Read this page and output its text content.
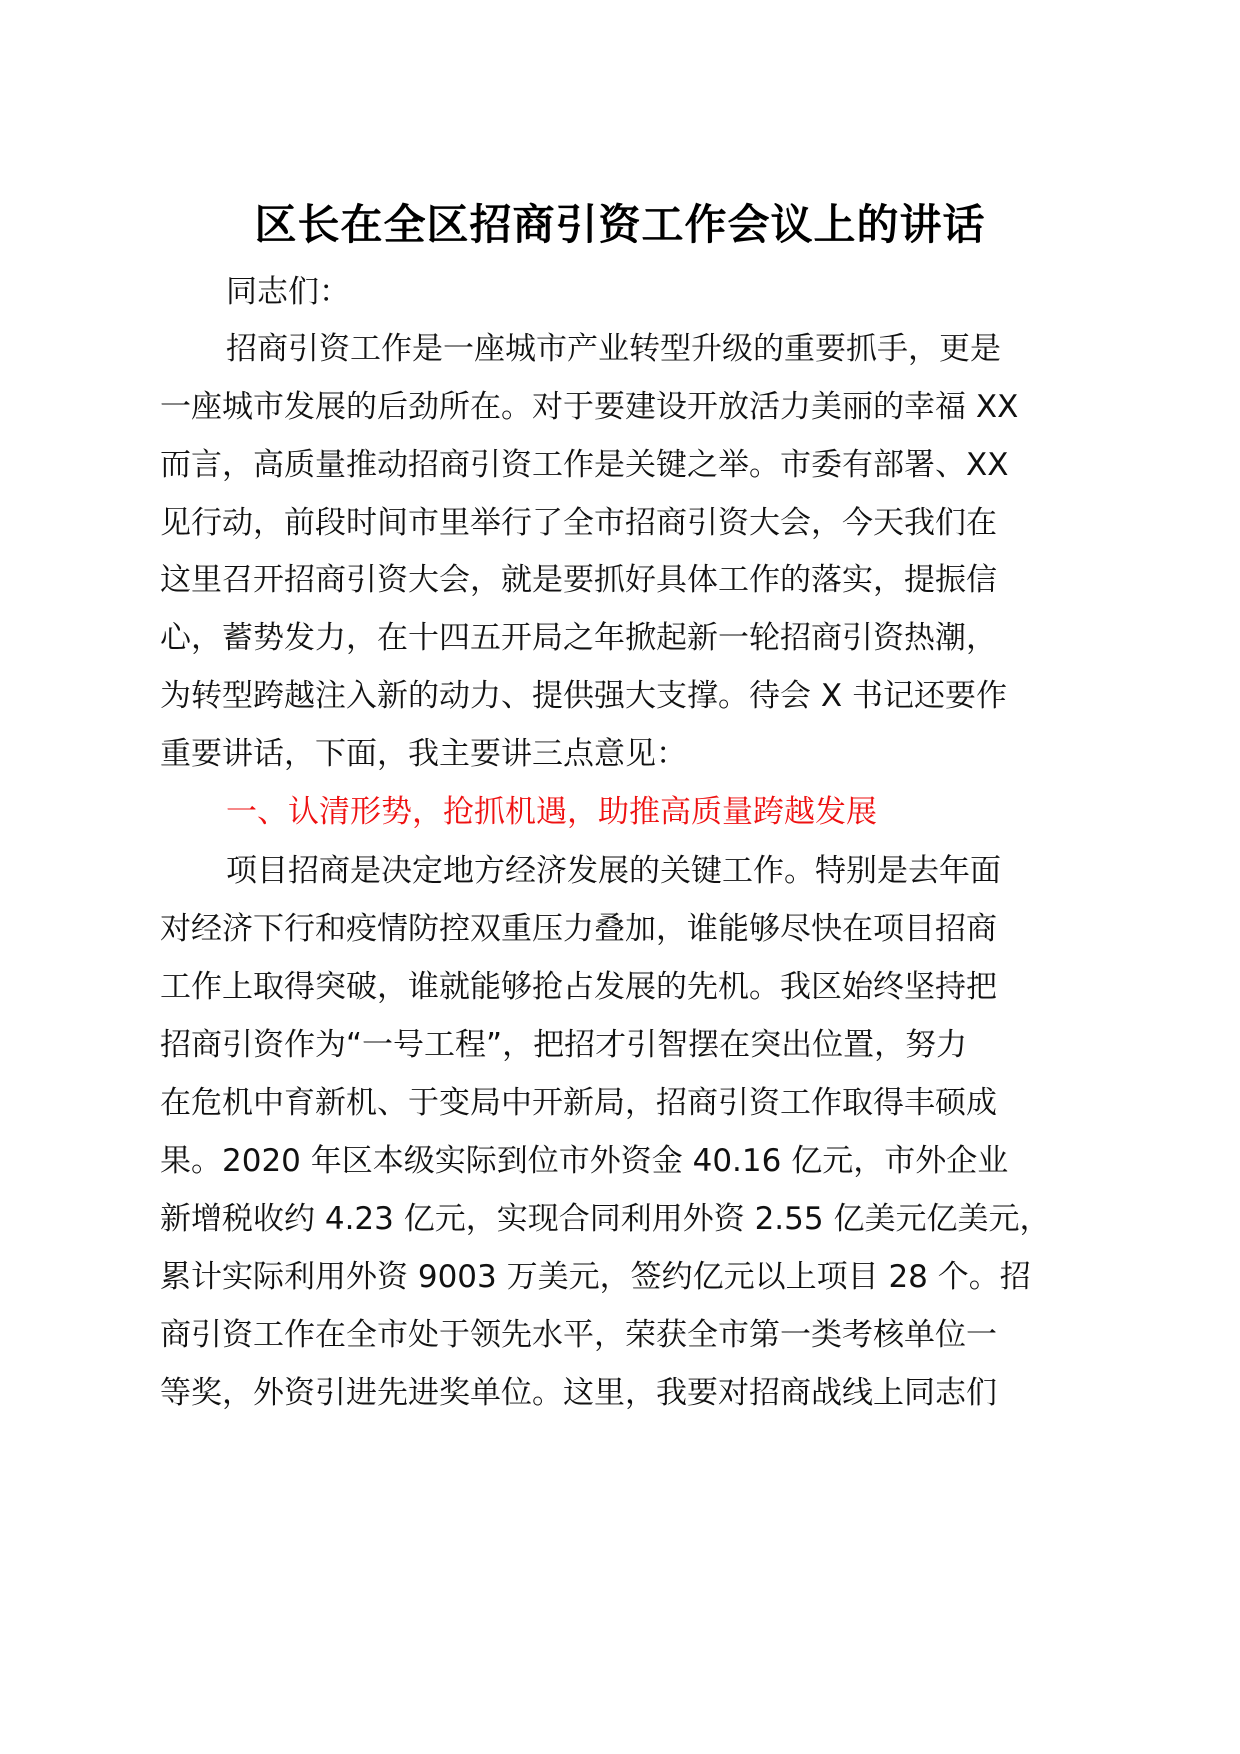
区长在全区招商引资工作会议上的讲话
同志们：
招商引资工作是一座城市产业转型升级的重要抓手，更是
一座城市发展的后劲所在。对于要建设开放活力美丽的幸福 XX
而言，高质量推动招商引资工作是关键之举。市委有部署、XX
见行动，前段时间市里举行了全市招商引资大会，今天我们在
这里召开招商引资大会，就是要抓好具体工作的落实，提振信
心，蓄势发力，在十四五开局之年掀起新一轮招商引资热潮，
为转型跨越注入新的动力、提供强大支撑。待会 X 书记还要作
重要讲话，下面，我主要讲三点意见：
一、认清形势，抢抓机遇，助推高质量跨越发展
项目招商是决定地方经济发展的关键工作。特别是去年面
对经济下行和疫情防控双重压力叠加，谁能够尽快在项目招商
工作上取得突破，谁就能够抢占发展的先机。我区始终坚持把
招商引资作为“一号工程”，把招才引智摆在突出位置，努力
在危机中育新机、于变局中开新局，招商引资工作取得丰硕成
果。2020 年区本级实际到位市外资金 40.16 亿元，市外企业
新增税收约 4.23 亿元，实现合同利用外资 2.55 亿美元亿美元，
累计实际利用外资 9003 万美元，签约亿元以上项目 28 个。招
商引资工作在全市处于领先水平，荣获全市第一类考核单位一
等奖，外资引进先进奖单位。这里，我要对招商战线上同志们
